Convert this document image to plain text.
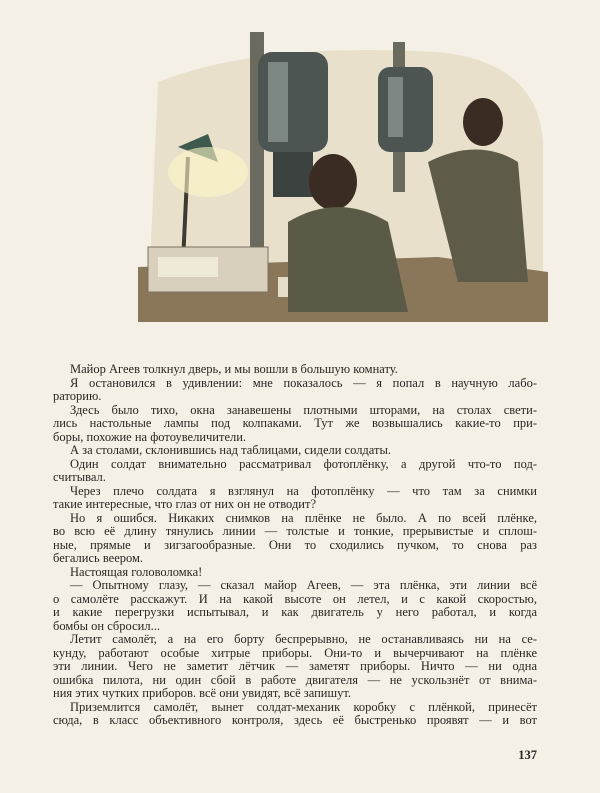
Майор Агеев толкнул дверь, и мы вошли в большую комнату.
Я остановился в удивлении: мне показалось — я попал в научную лабо-
раторию.
Здесь было тихо, окна занавешены плотными шторами, на столах свети-
лись настольные лампы под колпаками. Тут же возвышались какие-то при-
боры, похожие на фотоувеличители.
А за столами, склонившись над таблицами, сидели солдаты.
Один солдат внимательно рассматривал фотоплёнку, а другой что-то под-
считывал.
Через плечо солдата я взглянул на фотоплёнку — что там за снимки
такие интересные, что глаз от них он не отводит?
Но я ошибся. Никаких снимков на плёнке не было. А по всей плёнке,
во всю её длину тянулись линии — толстые и тонкие, прерывистые и сплош-
ные, прямые и зигзагообразные. Они то сходились пучком, то снова раз
бегались веером.
Настоящая головоломка!
— Опытному глазу, — сказал майор Агеев, — эта плёнка, эти линии всё
о самолёте расскажут. И на какой высоте он летел, и с какой скоростью,
и какие перегрузки испытывал, и как двигатель у него работал, и когда
бомбы он сбросил...
Летит самолёт, а на его борту беспрерывно, не останавливаясь ни на се-
кунду, работают особые хитрые приборы. Они-то и вычерчивают на плёнке
эти линии. Чего не заметит лётчик — заметят приборы. Ничто — ни одна
ошибка пилота, ни один сбой в работе двигателя — не ускользнёт от внима-
ния этих чутких приборов. всё они увидят, всё запишут.
Приземлится самолёт, вынет солдат-механик коробку с плёнкой, принесёт
сюда, в класс объективного контроля, здесь её быстренько проявят — и вот
137
